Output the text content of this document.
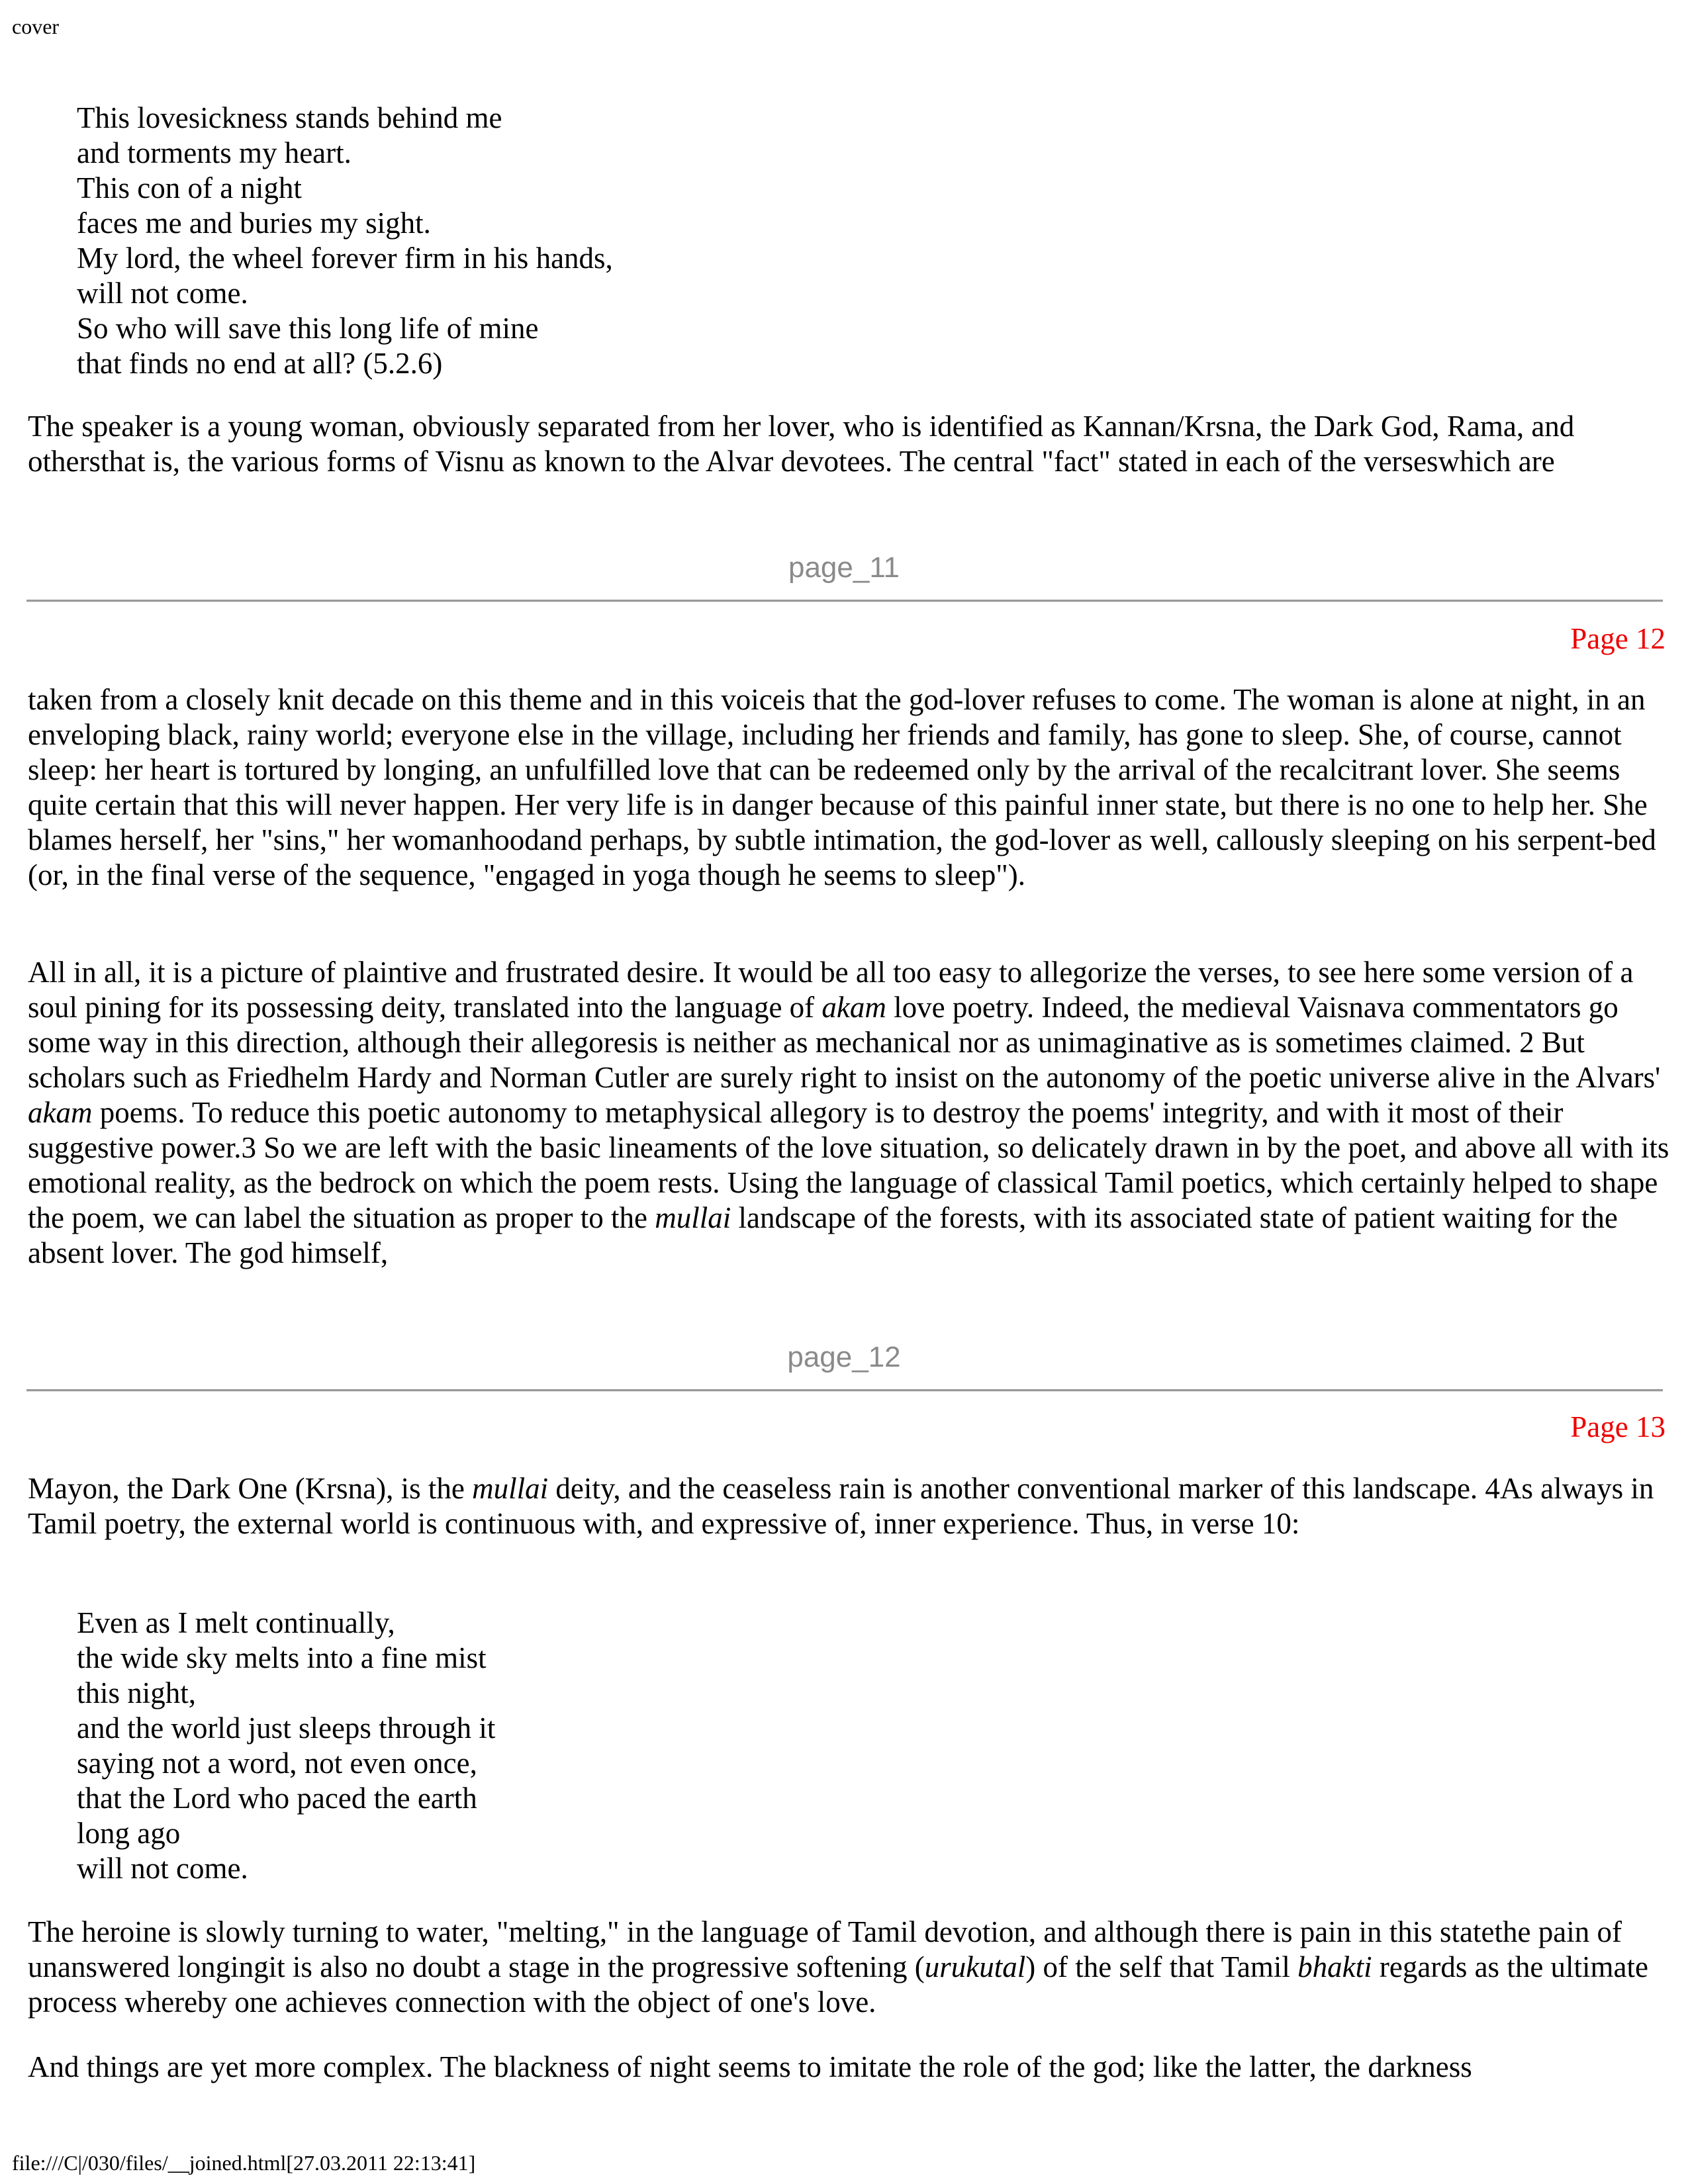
cover
This lovesickness stands behind me
and torments my heart.
This con of a night
faces me and buries my sight.
My lord, the wheel forever firm in his hands,
will not come.
So who will save this long life of mine
that finds no end at all? (5.2.6)

The speaker is a young woman, obviously separated from her lover, who is identified as Kannan/Krsna, the Dark God, Rama, and othersthat is, the various forms of Visnu as known to the Alvar devotees. The central "fact" stated in each of the verseswhich are

page_11
Page 12

taken from a closely knit decade on this theme and in this voiceis that the god-lover refuses to come. The woman is alone at night, in an enveloping black, rainy world; everyone else in the village, including her friends and family, has gone to sleep. She, of course, cannot sleep: her heart is tortured by longing, an unfulfilled love that can be redeemed only by the arrival of the recalcitrant lover. She seems quite certain that this will never happen. Her very life is in danger because of this painful inner state, but there is no one to help her. She blames herself, her "sins," her womanhoodand perhaps, by subtle intimation, the god-lover as well, callously sleeping on his serpent-bed (or, in the final verse of the sequence, "engaged in yoga though he seems to sleep").

All in all, it is a picture of plaintive and frustrated desire. It would be all too easy to allegorize the verses, to see here some version of a soul pining for its possessing deity, translated into the language of akam love poetry. Indeed, the medieval Vaisnava commentators go some way in this direction, although their allegoresis is neither as mechanical nor as unimaginative as is sometimes claimed. 2 But scholars such as Friedhelm Hardy and Norman Cutler are surely right to insist on the autonomy of the poetic universe alive in the Alvars' akam poems. To reduce this poetic autonomy to metaphysical allegory is to destroy the poems' integrity, and with it most of their suggestive power.3 So we are left with the basic lineaments of the love situation, so delicately drawn in by the poet, and above all with its emotional reality, as the bedrock on which the poem rests. Using the language of classical Tamil poetics, which certainly helped to shape the poem, we can label the situation as proper to the mullai landscape of the forests, with its associated state of patient waiting for the absent lover. The god himself,

page_12
Page 13

Mayon, the Dark One (Krsna), is the mullai deity, and the ceaseless rain is another conventional marker of this landscape. 4As always in Tamil poetry, the external world is continuous with, and expressive of, inner experience. Thus, in verse 10:

Even as I melt continually,
the wide sky melts into a fine mist
this night,
and the world just sleeps through it
saying not a word, not even once,
that the Lord who paced the earth
long ago
will not come.

The heroine is slowly turning to water, "melting," in the language of Tamil devotion, and although there is pain in this statethe pain of unanswered longingit is also no doubt a stage in the progressive softening (urukutal) of the self that Tamil bhakti regards as the ultimate process whereby one achieves connection with the object of one's love.

And things are yet more complex. The blackness of night seems to imitate the role of the god; like the latter, the darkness

file:///C|/030/files/__joined.html[27.03.2011 22:13:41]
